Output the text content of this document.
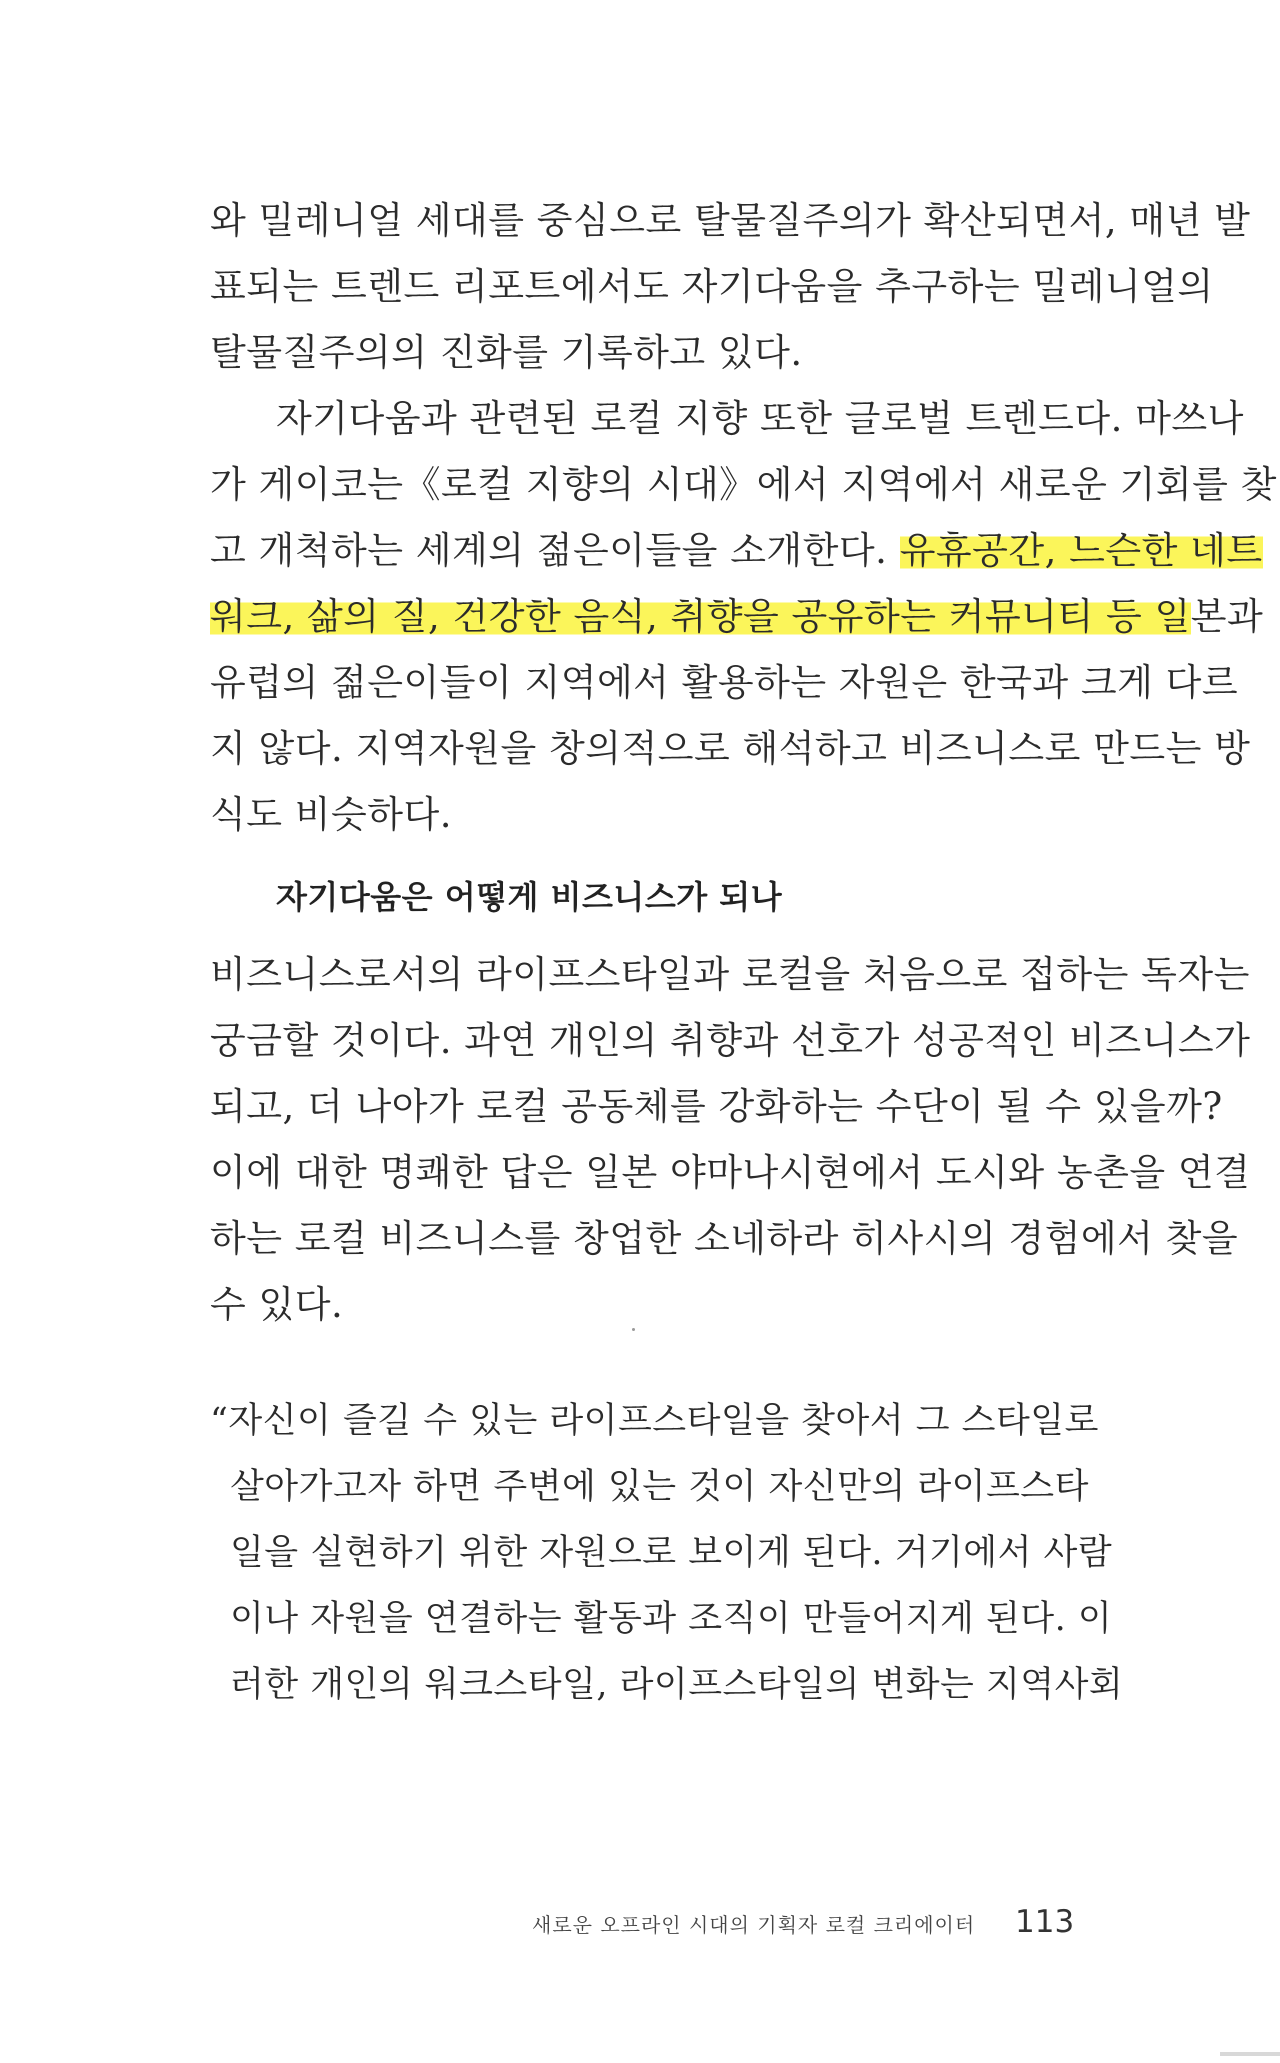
와 밀레니얼 세대를 중심으로 탈물질주의가 확산되면서, 매년 발
표되는 트렌드 리포트에서도 자기다움을 추구하는 밀레니얼의
탈물질주의의 진화를 기록하고 있다.
자기다움과 관련된 로컬 지향 또한 글로벌 트렌드다. 마쓰나
가 게이코는《로컬 지향의 시대》에서 지역에서 새로운 기회를 찾
고 개척하는 세계의 젊은이들을 소개한다. 유휴공간, 느슨한 네트
워크, 삶의 질, 건강한 음식, 취향을 공유하는 커뮤니티 등 일본과
유럽의 젊은이들이 지역에서 활용하는 자원은 한국과 크게 다르
지 않다. 지역자원을 창의적으로 해석하고 비즈니스로 만드는 방
식도 비슷하다.
자기다움은 어떻게 비즈니스가 되나
비즈니스로서의 라이프스타일과 로컬을 처음으로 접하는 독자는
궁금할 것이다. 과연 개인의 취향과 선호가 성공적인 비즈니스가
되고, 더 나아가 로컬 공동체를 강화하는 수단이 될 수 있을까?
이에 대한 명쾌한 답은 일본 야마나시현에서 도시와 농촌을 연결
하는 로컬 비즈니스를 창업한 소네하라 히사시의 경험에서 찾을
수 있다.
“자신이 즐길 수 있는 라이프스타일을 찾아서 그 스타일로
살아가고자 하면 주변에 있는 것이 자신만의 라이프스타
일을 실현하기 위한 자원으로 보이게 된다. 거기에서 사람
이나 자원을 연결하는 활동과 조직이 만들어지게 된다. 이
러한 개인의 워크스타일, 라이프스타일의 변화는 지역사회
새로운 오프라인 시대의 기획자 로컬 크리에이터 113
